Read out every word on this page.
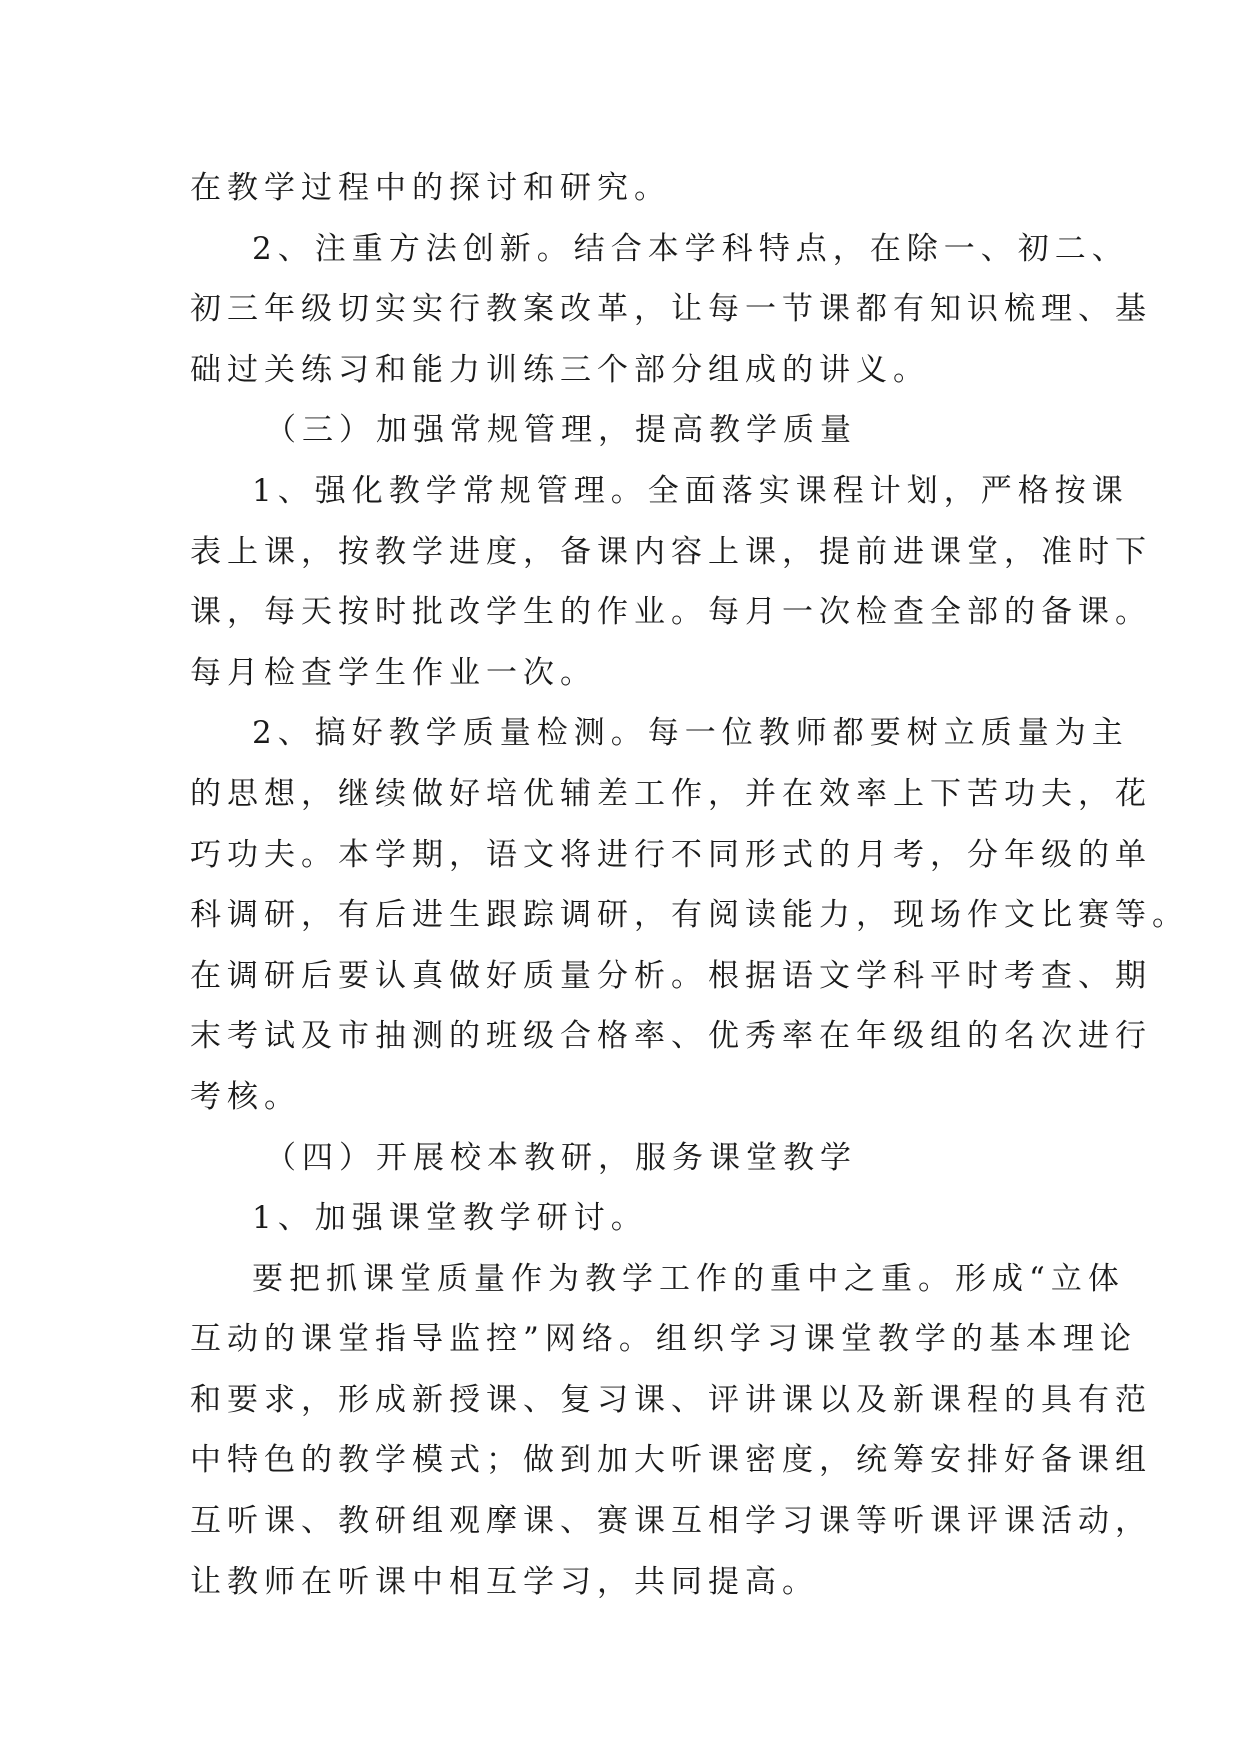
在教学过程中的探讨和研究。
2、注重方法创新。结合本学科特点，在除一、初二、
初三年级切实实行教案改革，让每一节课都有知识梳理、基
础过关练习和能力训练三个部分组成的讲义。
（三）加强常规管理，提高教学质量
1、强化教学常规管理。全面落实课程计划，严格按课
表上课，按教学进度，备课内容上课，提前进课堂，准时下
课，每天按时批改学生的作业。每月一次检查全部的备课。
每月检查学生作业一次。
2、搞好教学质量检测。每一位教师都要树立质量为主
的思想，继续做好培优辅差工作，并在效率上下苦功夫，花
巧功夫。本学期，语文将进行不同形式的月考，分年级的单
科调研，有后进生跟踪调研，有阅读能力，现场作文比赛等。
在调研后要认真做好质量分析。根据语文学科平时考查、期
末考试及市抽测的班级合格率、优秀率在年级组的名次进行
考核。
（四）开展校本教研，服务课堂教学
1、加强课堂教学研讨。
要把抓课堂质量作为教学工作的重中之重。形成“立体
互动的课堂指导监控”网络。组织学习课堂教学的基本理论
和要求，形成新授课、复习课、评讲课以及新课程的具有范
中特色的教学模式；做到加大听课密度，统筹安排好备课组
互听课、教研组观摩课、赛课互相学习课等听课评课活动，
让教师在听课中相互学习，共同提高。
